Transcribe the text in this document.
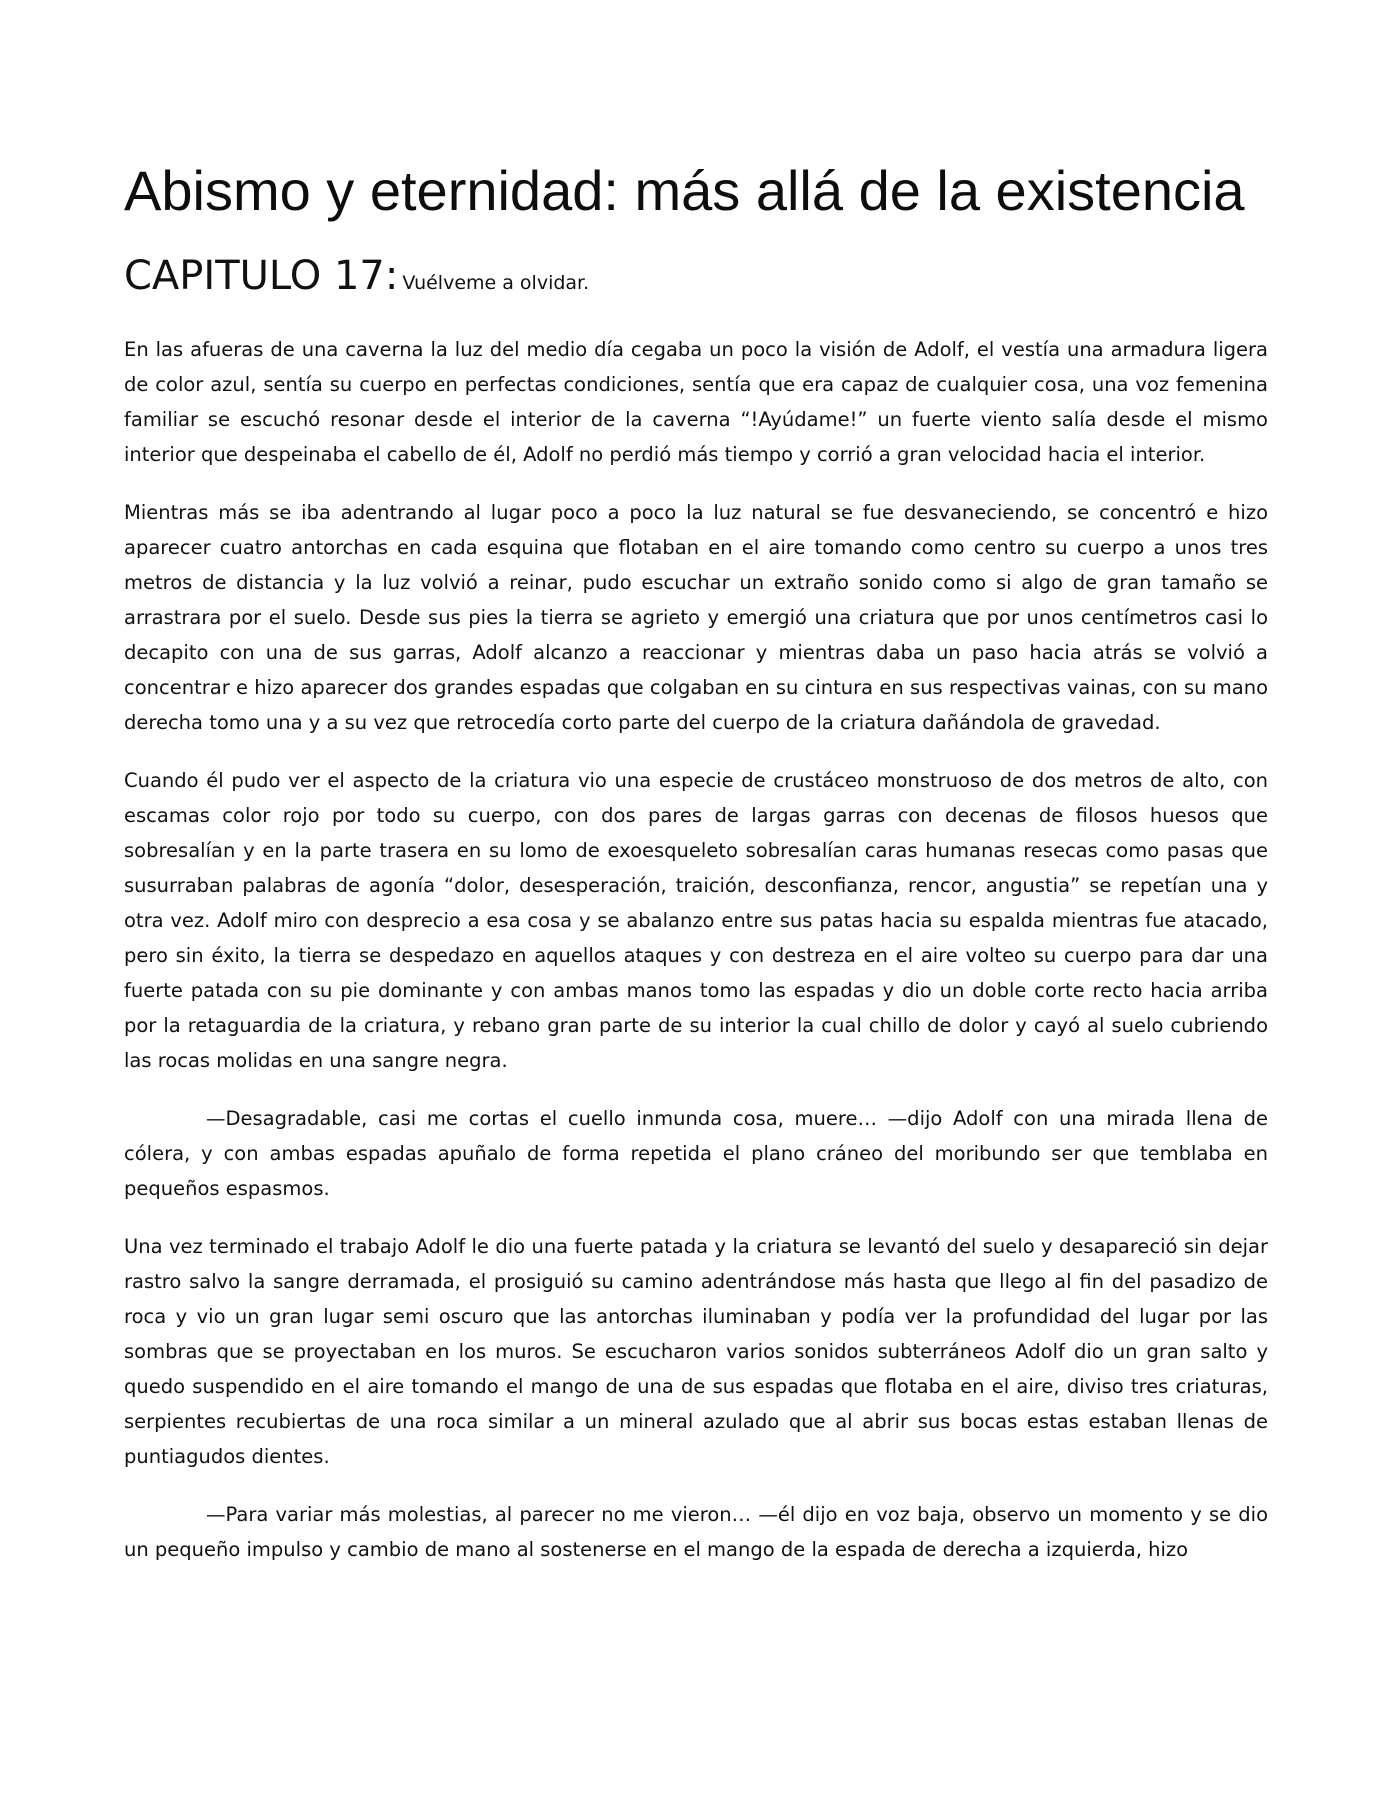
Abismo y eternidad: más allá de la existencia
CAPITULO 17: Vuélveme a olvidar.

En las afueras de una caverna la luz del medio día cegaba un poco la visión de Adolf, el vestía una armadura ligera de color azul, sentía su cuerpo en perfectas condiciones, sentía que era capaz de cualquier cosa, una voz femenina familiar se escuchó resonar desde el interior de la caverna “!Ayúdame!” un fuerte viento salía desde el mismo interior que despeinaba el cabello de él, Adolf no perdió más tiempo y corrió a gran velocidad hacia el interior.

Mientras más se iba adentrando al lugar poco a poco la luz natural se fue desvaneciendo, se concentró e hizo aparecer cuatro antorchas en cada esquina que flotaban en el aire tomando como centro su cuerpo a unos tres metros de distancia y la luz volvió a reinar, pudo escuchar un extraño sonido como si algo de gran tamaño se arrastrara por el suelo. Desde sus pies la tierra se agrieto y emergió una criatura que por unos centímetros casi lo decapito con una de sus garras, Adolf alcanzo a reaccionar y mientras daba un paso hacia atrás se volvió a concentrar e hizo aparecer dos grandes espadas que colgaban en su cintura en sus respectivas vainas, con su mano derecha tomo una y a su vez que retrocedía corto parte del cuerpo de la criatura dañándola de gravedad.

Cuando él pudo ver el aspecto de la criatura vio una especie de crustáceo monstruoso de dos metros de alto, con escamas color rojo por todo su cuerpo, con dos pares de largas garras con decenas de filosos huesos que sobresalían y en la parte trasera en su lomo de exoesqueleto sobresalían caras humanas resecas como pasas que susurraban palabras de agonía “dolor, desesperación, traición, desconfianza, rencor, angustia” se repetían una y otra vez. Adolf miro con desprecio a esa cosa y se abalanzo entre sus patas hacia su espalda mientras fue atacado, pero sin éxito, la tierra se despedazo en aquellos ataques y con destreza en el aire volteo su cuerpo para dar una fuerte patada con su pie dominante y con ambas manos tomo las espadas y dio un doble corte recto hacia arriba por la retaguardia de la criatura, y rebano gran parte de su interior la cual chillo de dolor y cayó al suelo cubriendo las rocas molidas en una sangre negra.

—Desagradable, casi me cortas el cuello inmunda cosa, muere… —dijo Adolf con una mirada llena de cólera, y con ambas espadas apuñalo de forma repetida el plano cráneo del moribundo ser que temblaba en pequeños espasmos.

Una vez terminado el trabajo Adolf le dio una fuerte patada y la criatura se levantó del suelo y desapareció sin dejar rastro salvo la sangre derramada, el prosiguió su camino adentrándose más hasta que llego al fin del pasadizo de roca y vio un gran lugar semi oscuro que las antorchas iluminaban y podía ver la profundidad del lugar por las sombras que se proyectaban en los muros. Se escucharon varios sonidos subterráneos Adolf dio un gran salto y quedo suspendido en el aire tomando el mango de una de sus espadas que flotaba en el aire, diviso tres criaturas, serpientes recubiertas de una roca similar a un mineral azulado que al abrir sus bocas estas estaban llenas de puntiagudos dientes.

—Para variar más molestias, al parecer no me vieron… —él dijo en voz baja, observo un momento y se dio un pequeño impulso y cambio de mano al sostenerse en el mango de la espada de derecha a izquierda, hizo
